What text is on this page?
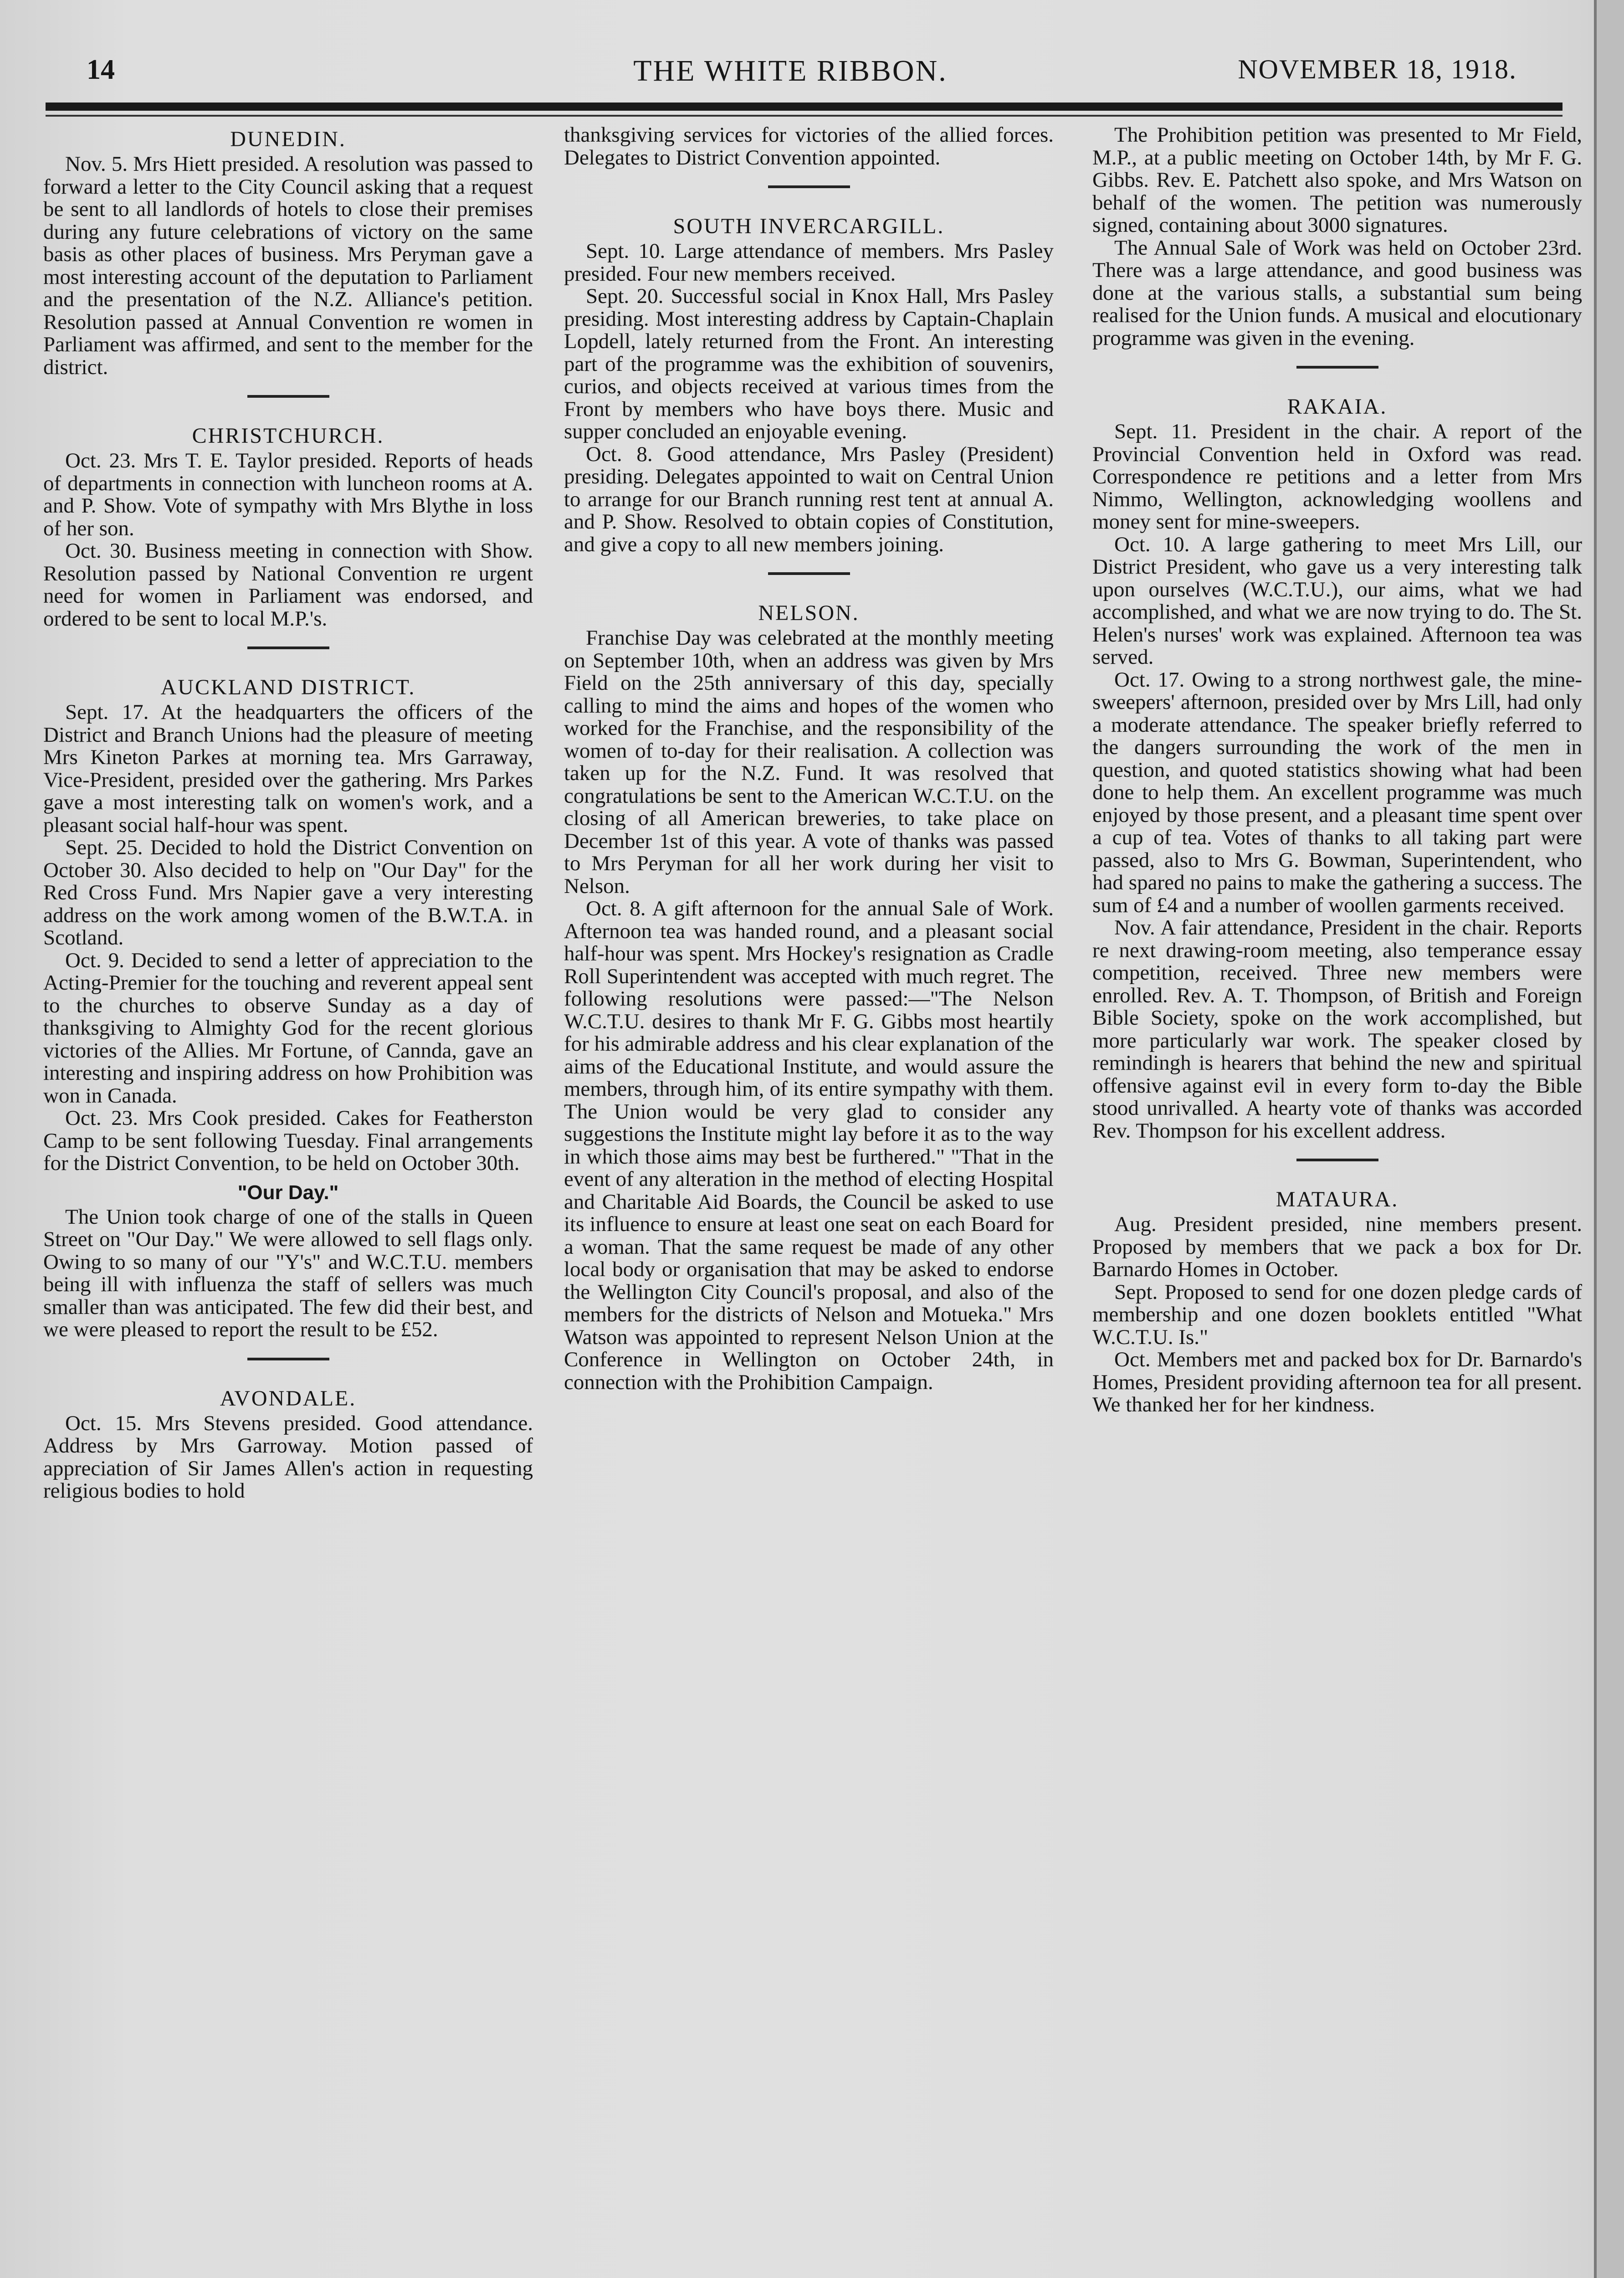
14	THE WHITE RIBBON.	NOVEMBER 18, 1918.
DUNEDIN.

Nov. 5. Mrs Hiett presided. A resolution was passed to forward a letter to the City Council asking that a request be sent to all landlords of hotels to close their premises during any future celebrations of victory on the same basis as other places of business. Mrs Peryman gave a most interesting account of the deputation to Parliament and the presentation of the N.Z. Alliance's petition. Resolution passed at Annual Convention re women in Parliament was affirmed, and sent to the member for the district.

CHRISTCHURCH.

Oct. 23. Mrs T. E. Taylor presided. Reports of heads of departments in connection with luncheon rooms at A. and P. Show. Vote of sympathy with Mrs Blythe in loss of her son.

Oct. 30. Business meeting in connection with Show. Resolution passed by National Convention re urgent need for women in Parliament was endorsed, and ordered to be sent to local M.P.'s.

AUCKLAND DISTRICT.

Sept. 17. At the headquarters the officers of the District and Branch Unions had the pleasure of meeting Mrs Kineton Parkes at morning tea. Mrs Garraway, Vice-President, presided over the gathering. Mrs Parkes gave a most interesting talk on women's work, and a pleasant social half-hour was spent.

Sept. 25. Decided to hold the District Convention on October 30. Also decided to help on "Our Day" for the Red Cross Fund. Mrs Napier gave a very interesting address on the work among women of the B.W.T.A. in Scotland.

Oct. 9. Decided to send a letter of appreciation to the Acting-Premier for the touching and reverent appeal sent to the churches to observe Sunday as a day of thanksgiving to Almighty God for the recent glorious victories of the Allies. Mr Fortune, of Cannda, gave an interesting and inspiring address on how Prohibition was won in Canada.

Oct. 23. Mrs Cook presided. Cakes for Featherston Camp to be sent following Tuesday. Final arrangements for the District Convention, to be held on October 30th.

"Our Day."

The Union took charge of one of the stalls in Queen Street on "Our Day." We were allowed to sell flags only. Owing to so many of our "Y's" and W.C.T.U. members being ill with influenza the staff of sellers was much smaller than was anticipated. The few did their best, and we were pleased to report the result to be £52.

AVONDALE.

Oct. 15. Mrs Stevens presided. Good attendance. Address by Mrs Garroway. Motion passed of appreciation of Sir James Allen's action in requesting religious bodies to hold

thanksgiving services for victories of the allied forces. Delegates to District Convention appointed.

SOUTH INVERCARGILL.

Sept. 10. Large attendance of members. Mrs Pasley presided. Four new members received.

Sept. 20. Successful social in Knox Hall, Mrs Pasley presiding. Most interesting address by Captain-Chaplain Lopdell, lately returned from the Front. An interesting part of the programme was the exhibition of souvenirs, curios, and objects received at various times from the Front by members who have boys there. Music and supper concluded an enjoyable evening.

Oct. 8. Good attendance, Mrs Pasley (President) presiding. Delegates appointed to wait on Central Union to arrange for our Branch running rest tent at annual A. and P. Show. Resolved to obtain copies of Constitution, and give a copy to all new members joining.

NELSON.

Franchise Day was celebrated at the monthly meeting on September 10th, when an address was given by Mrs Field on the 25th anniversary of this day, specially calling to mind the aims and hopes of the women who worked for the Franchise, and the responsibility of the women of to-day for their realisation. A collection was taken up for the N.Z. Fund. It was resolved that congratulations be sent to the American W.C.T.U. on the closing of all American breweries, to take place on December 1st of this year. A vote of thanks was passed to Mrs Peryman for all her work during her visit to Nelson.

Oct. 8. A gift afternoon for the annual Sale of Work. Afternoon tea was handed round, and a pleasant social half-hour was spent. Mrs Hockey's resignation as Cradle Roll Superintendent was accepted with much regret. The following resolutions were passed:—"The Nelson W.C.T.U. desires to thank Mr F. G. Gibbs most heartily for his admirable address and his clear explanation of the aims of the Educational Institute, and would assure the members, through him, of its entire sympathy with them. The Union would be very glad to consider any suggestions the Institute might lay before it as to the way in which those aims may best be furthered." "That in the event of any alteration in the method of electing Hospital and Charitable Aid Boards, the Council be asked to use its influence to ensure at least one seat on each Board for a woman. That the same request be made of any other local body or organisation that may be asked to endorse the Wellington City Council's proposal, and also of the members for the districts of Nelson and Motueka." Mrs Watson was appointed to represent Nelson Union at the Conference in Wellington on October 24th, in connection with the Prohibition Campaign.

The Prohibition petition was presented to Mr Field, M.P., at a public meeting on October 14th, by Mr F. G. Gibbs. Rev. E. Patchett also spoke, and Mrs Watson on behalf of the women. The petition was numerously signed, containing about 3000 signatures.

The Annual Sale of Work was held on October 23rd. There was a large attendance, and good business was done at the various stalls, a substantial sum being realised for the Union funds. A musical and elocutionary programme was given in the evening.

RAKAIA.

Sept. 11. President in the chair. A report of the Provincial Convention held in Oxford was read. Correspondence re petitions and a letter from Mrs Nimmo, Wellington, acknowledging woollens and money sent for mine-sweepers.

Oct. 10. A large gathering to meet Mrs Lill, our District President, who gave us a very interesting talk upon ourselves (W.C.T.U.), our aims, what we had accomplished, and what we are now trying to do. The St. Helen's nurses' work was explained. Afternoon tea was served.

Oct. 17. Owing to a strong northwest gale, the mine-sweepers' afternoon, presided over by Mrs Lill, had only a moderate attendance. The speaker briefly referred to the dangers surrounding the work of the men in question, and quoted statistics showing what had been done to help them. An excellent programme was much enjoyed by those present, and a pleasant time spent over a cup of tea. Votes of thanks to all taking part were passed, also to Mrs G. Bowman, Superintendent, who had spared no pains to make the gathering a success. The sum of £4 and a number of woollen garments received.

Nov. A fair attendance, President in the chair. Reports re next drawing-room meeting, also temperance essay competition, received. Three new members were enrolled. Rev. A. T. Thompson, of British and Foreign Bible Society, spoke on the work accomplished, but more particularly war work. The speaker closed by remindingh is hearers that behind the new and spiritual offensive against evil in every form to-day the Bible stood unrivalled. A hearty vote of thanks was accorded Rev. Thompson for his excellent address.

MATAURA.

Aug. President presided, nine members present. Proposed by members that we pack a box for Dr. Barnardo Homes in October.

Sept. Proposed to send for one dozen pledge cards of membership and one dozen booklets entitled "What W.C.T.U. Is."

Oct. Members met and packed box for Dr. Barnardo's Homes, President providing afternoon tea for all present. We thanked her for her kindness.
